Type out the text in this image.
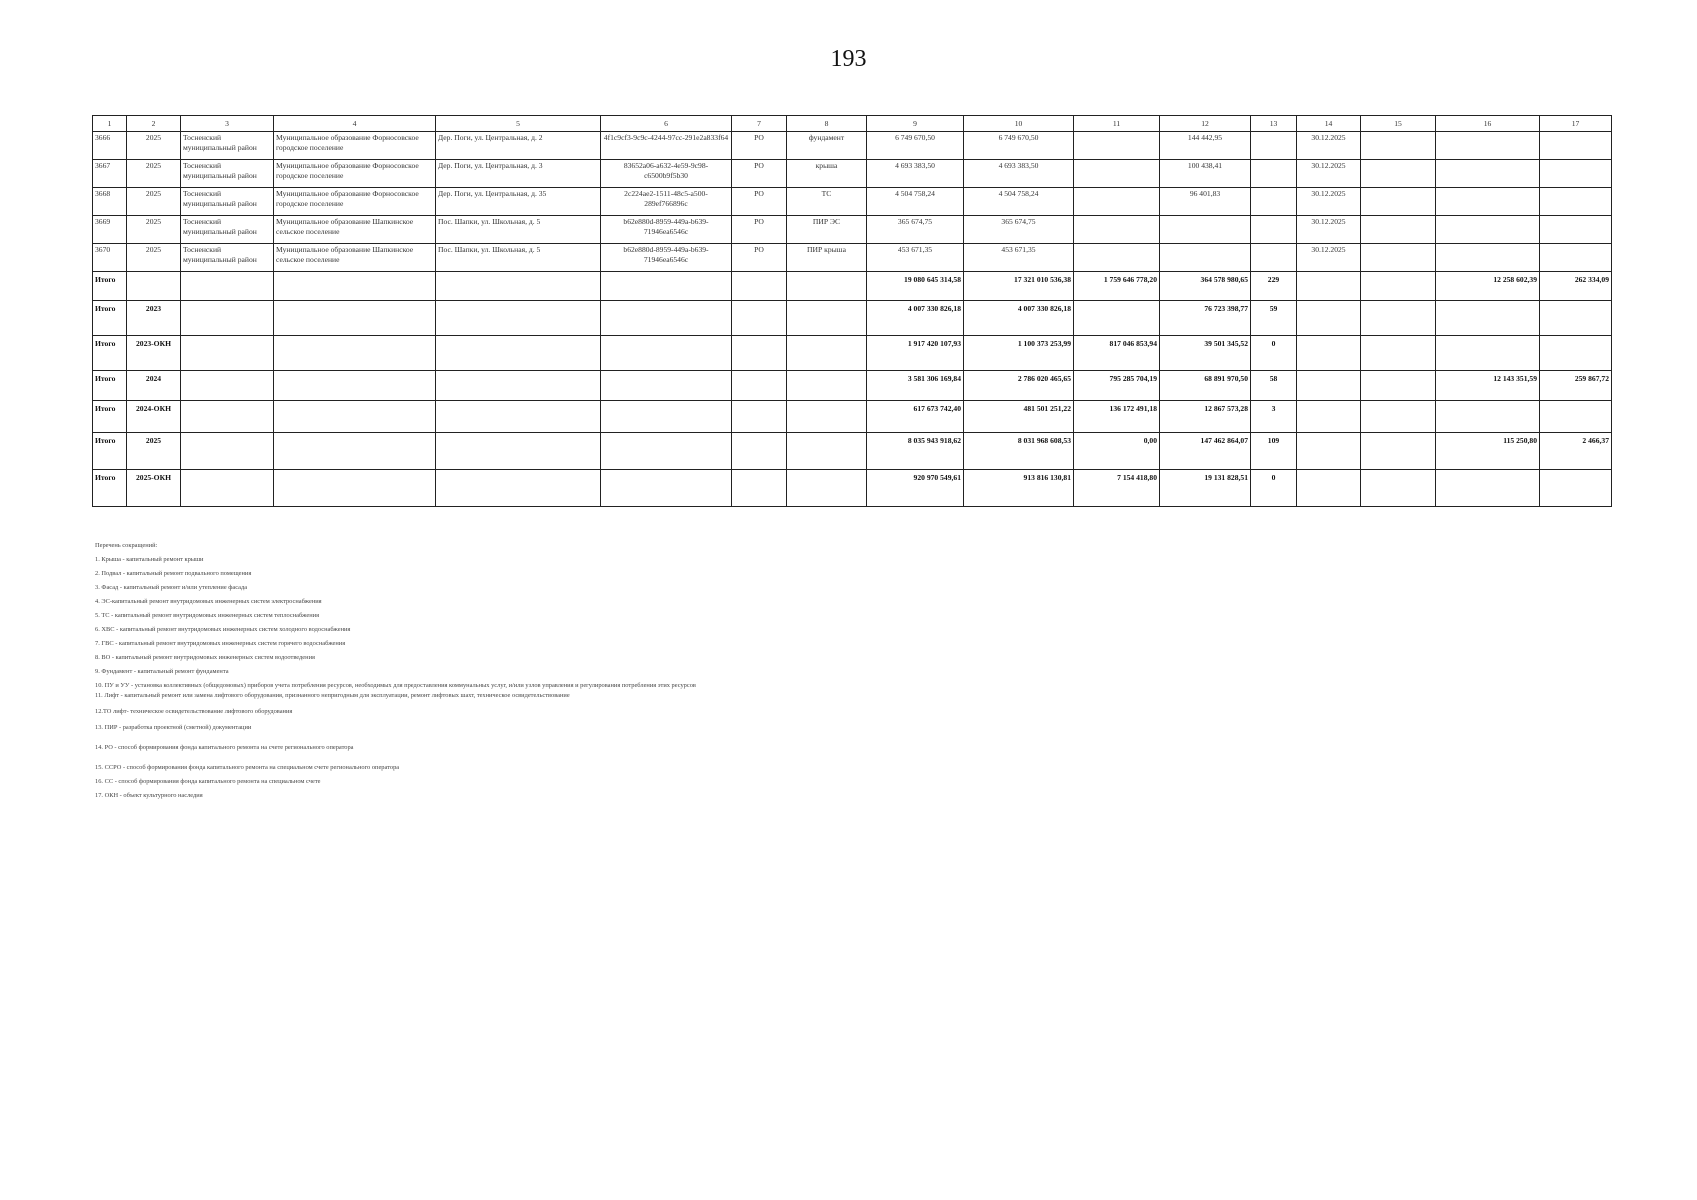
193
1	2	3	4	5	6	7	8	9	10	11	12	13	14	15	16	17
3666	2025	Тосненский муниципальный район	Муниципальное образование Форносовское городское поселение	Дер. Поги, ул. Центральная, д. 2	4f1c9cf3-9c9c-4244-97cc-291e2a833f64	РО	фундамент	6 749 670,50	6 749 670,50		144 442,95		30.12.2025			
3667	2025	Тосненский муниципальный район	Муниципальное образование Форносовское городское поселение	Дер. Поги, ул. Центральная, д. 3	83652a06-a632-4e59-9c98-c6500b9f5b30	РО	крыша	4 693 383,50	4 693 383,50		100 438,41		30.12.2025			
3668	2025	Тосненский муниципальный район	Муниципальное образование Форносовское городское поселение	Дер. Поги, ул. Центральная, д. 35	2c224ae2-1511-48c5-a500-289ef766896c	РО	ТС	4 504 758,24	4 504 758,24		96 401,83		30.12.2025			
3669	2025	Тосненский муниципальный район	Муниципальное образование Шапкинское сельское поселение	Пос. Шапки, ул. Школьная, д. 5	b62e880d-8959-449a-b639-71946ea6546c	РО	ПИР ЭС	365 674,75	365 674,75				30.12.2025			
3670	2025	Тосненский муниципальный район	Муниципальное образование Шапкинское сельское поселение	Пос. Шапки, ул. Школьная, д. 5	b62e880d-8959-449a-b639-71946ea6546c	РО	ПИР крыша	453 671,35	453 671,35				30.12.2025			
Итого								19 080 645 314,58	17 321 010 536,38	1 759 646 778,20	364 578 980,65	229			12 258 602,39	262 334,09
Итого	2023							4 007 330 826,18	4 007 330 826,18		76 723 398,77	59				
Итого	2023-ОКН							1 917 420 107,93	1 100 373 253,99	817 046 853,94	39 501 345,52	0				
Итого	2024							3 581 306 169,84	2 786 020 465,65	795 285 704,19	68 891 970,50	58			12 143 351,59	259 867,72
Итого	2024-ОКН							617 673 742,40	481 501 251,22	136 172 491,18	12 867 573,28	3				
Итого	2025							8 035 943 918,62	8 031 968 608,53	0,00	147 462 864,07	109			115 250,80	2 466,37
Итого	2025-ОКН							920 970 549,61	913 816 130,81	7 154 418,80	19 131 828,51	0				
Перечень сокращений:
1. Крыша - капитальный ремонт крыши
2. Подвал - капитальный ремонт подвального помещения
3. Фасад - капитальный ремонт и/или утепление фасада
4. ЭС-капитальный ремонт внутридомовых инженерных систем электроснабжения
5. ТС - капитальный ремонт внутридомовых инженерных систем теплоснабжения
6. ХВС - капитальный ремонт внутридомовых инженерных систем холодного водоснабжения
7. ГВС - капитальный ремонт внутридомовых инженерных систем горячего водоснабжения
8. ВО - капитальный ремонт внутридомовых инженерных систем водоотведения
9. Фундамент - капитальный ремонт фундамента
10. ПУ и УУ - установка коллективных (общедомовых) приборов учета потребления ресурсов, необходимых для предоставления коммунальных услуг, и/или узлов управления и регулирования потребления этих ресурсов
11. Лифт - капитальный ремонт или замена лифтового оборудования, признанного непригодным для эксплуатации, ремонт лифтовых шахт, техническое освидетельствование
12.ТО лифт- техническое освидетельствование лифтового оборудования
13. ПИР - разработка проектной (сметной) документации
14. РО - способ формирования фонда капитального ремонта на счете регионального оператора
15. ССРО - способ формирования фонда капитального ремонта на специальном счете регионального оператора
16. СС - способ формирования фонда капитального ремонта на специальном счете
17. ОКН - объект культурного наследия
